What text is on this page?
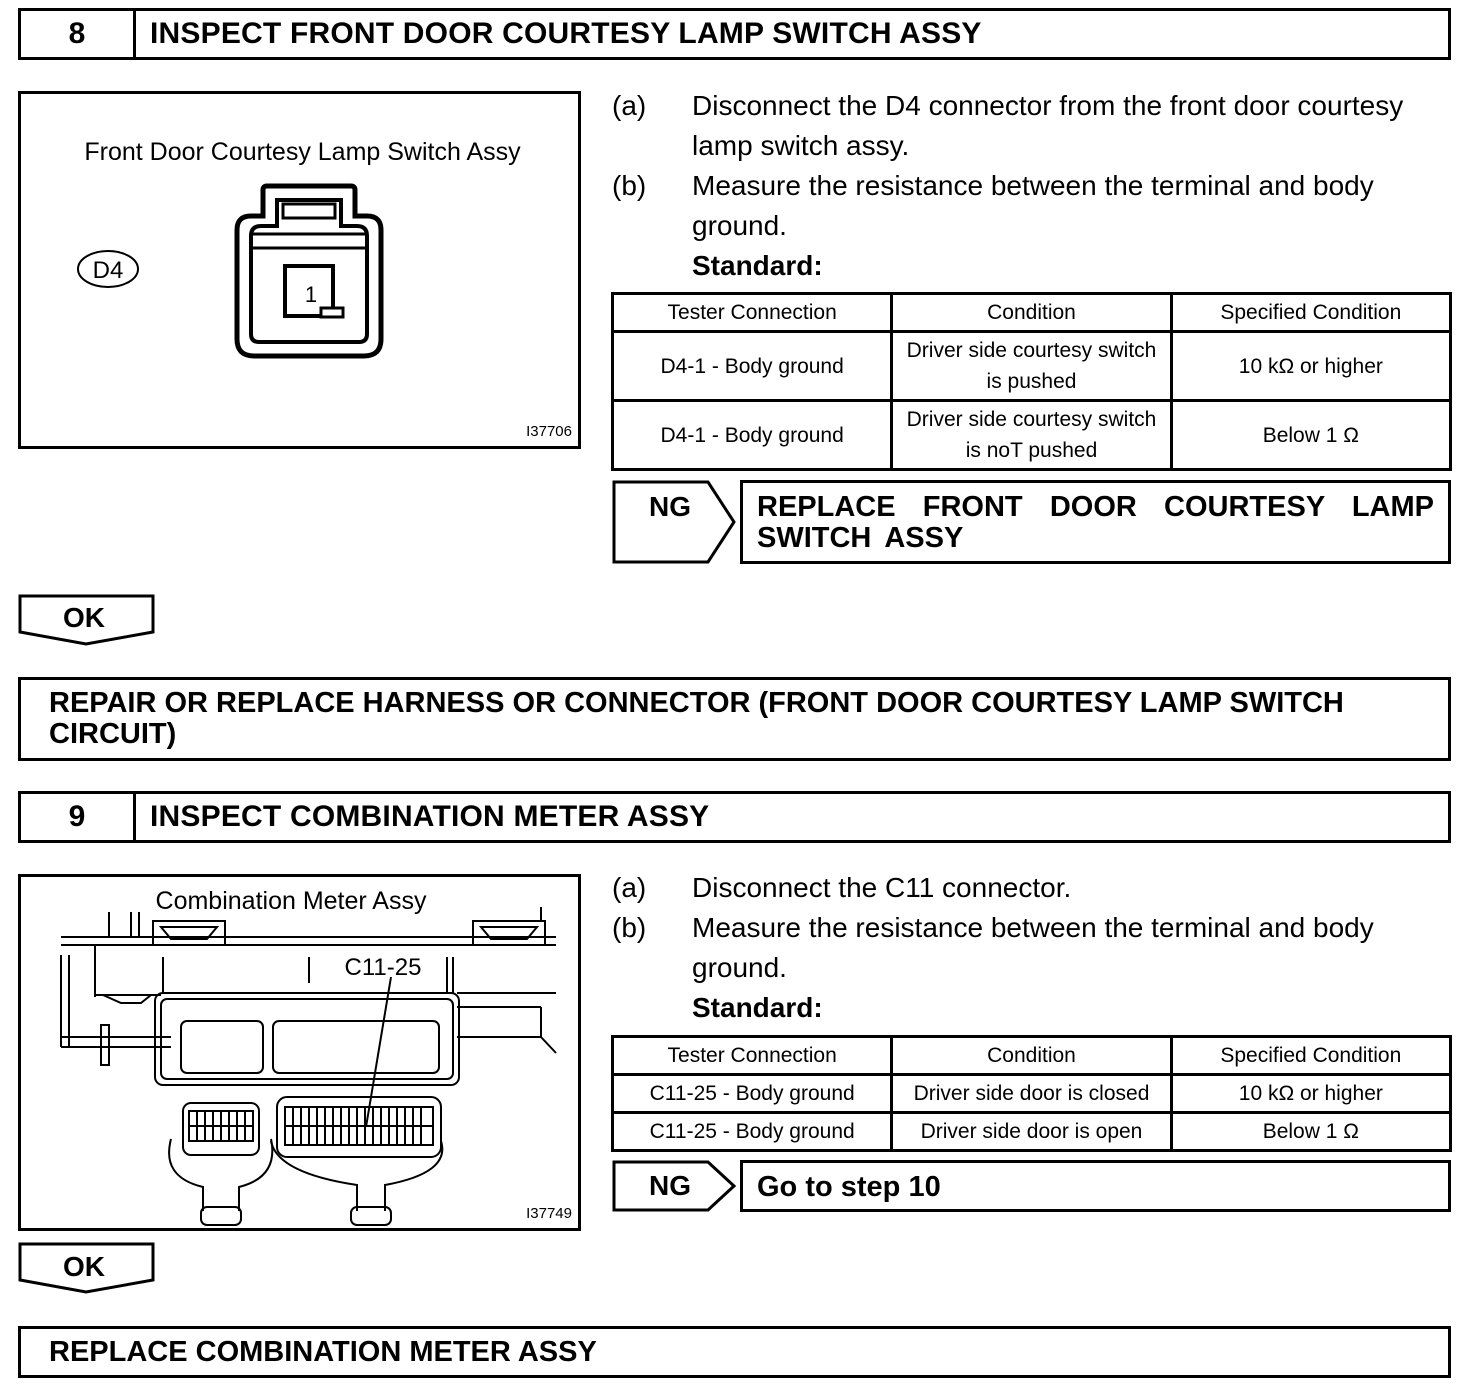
8	INSPECT FRONT DOOR COURTESY LAMP SWITCH ASSY
Front Door Courtesy Lamp Switch Assy
D4
1
I37706
(a) Disconnect the D4 connector from the front door courtesy lamp switch assy.
(b) Measure the resistance between the terminal and body ground.
Standard:
Tester Connection	Condition	Specified Condition
D4-1 - Body ground	Driver side courtesy switch is pushed	10 kΩ or higher
D4-1 - Body ground	Driver side courtesy switch is noT pushed	Below 1 Ω
NG	REPLACE FRONT DOOR COURTESY LAMP SWITCH ASSY
OK
REPAIR OR REPLACE HARNESS OR CONNECTOR (FRONT DOOR COURTESY LAMP SWITCH CIRCUIT)
9	INSPECT COMBINATION METER ASSY
Combination Meter Assy
C11-25
I37749
(a) Disconnect the C11 connector.
(b) Measure the resistance between the terminal and body ground.
Standard:
Tester Connection	Condition	Specified Condition
C11-25 - Body ground	Driver side door is closed	10 kΩ or higher
C11-25 - Body ground	Driver side door is open	Below 1 Ω
NG	Go to step 10
OK
REPLACE COMBINATION METER ASSY
